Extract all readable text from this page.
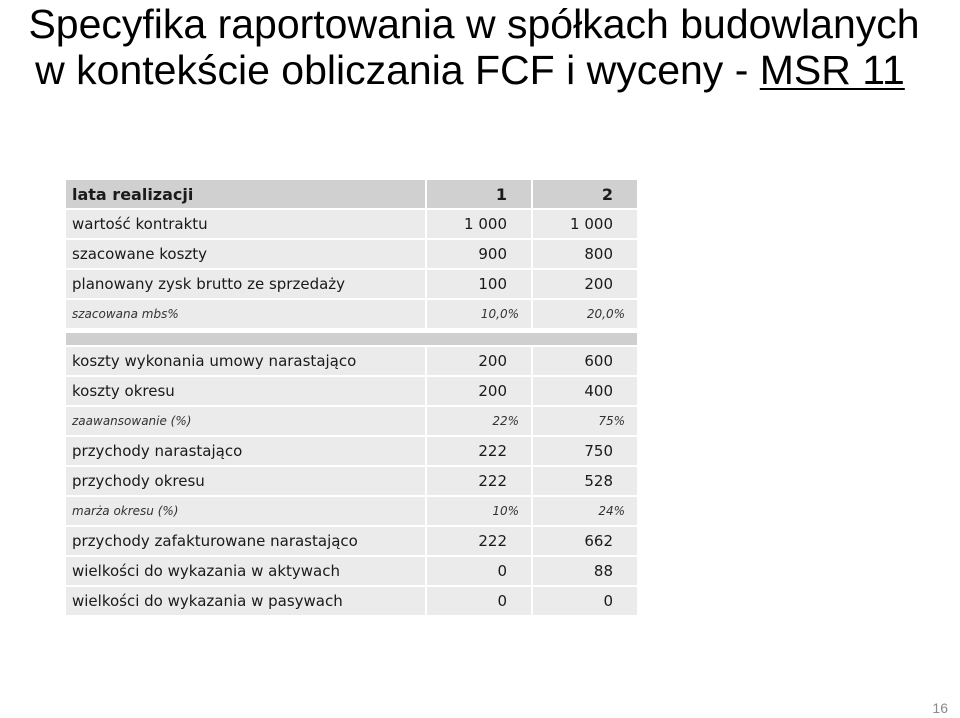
Specyfika raportowania w spółkach budowlanych
w kontekście obliczania FCF i wyceny - MSR 11
lata realizacji	1	2
wartość kontraktu	1 000	1 000
szacowane koszty	900	800
planowany zysk brutto ze sprzedaży	100	200
szacowana mbs%	10,0%	20,0%

koszty wykonania umowy narastająco	200	600
koszty okresu	200	400
zaawansowanie (%)	22%	75%
przychody narastająco	222	750
przychody okresu	222	528
marża okresu (%)	10%	24%
przychody zafakturowane narastająco	222	662
wielkości do wykazania w aktywach	0	88
wielkości do wykazania w pasywach	0	0
16
